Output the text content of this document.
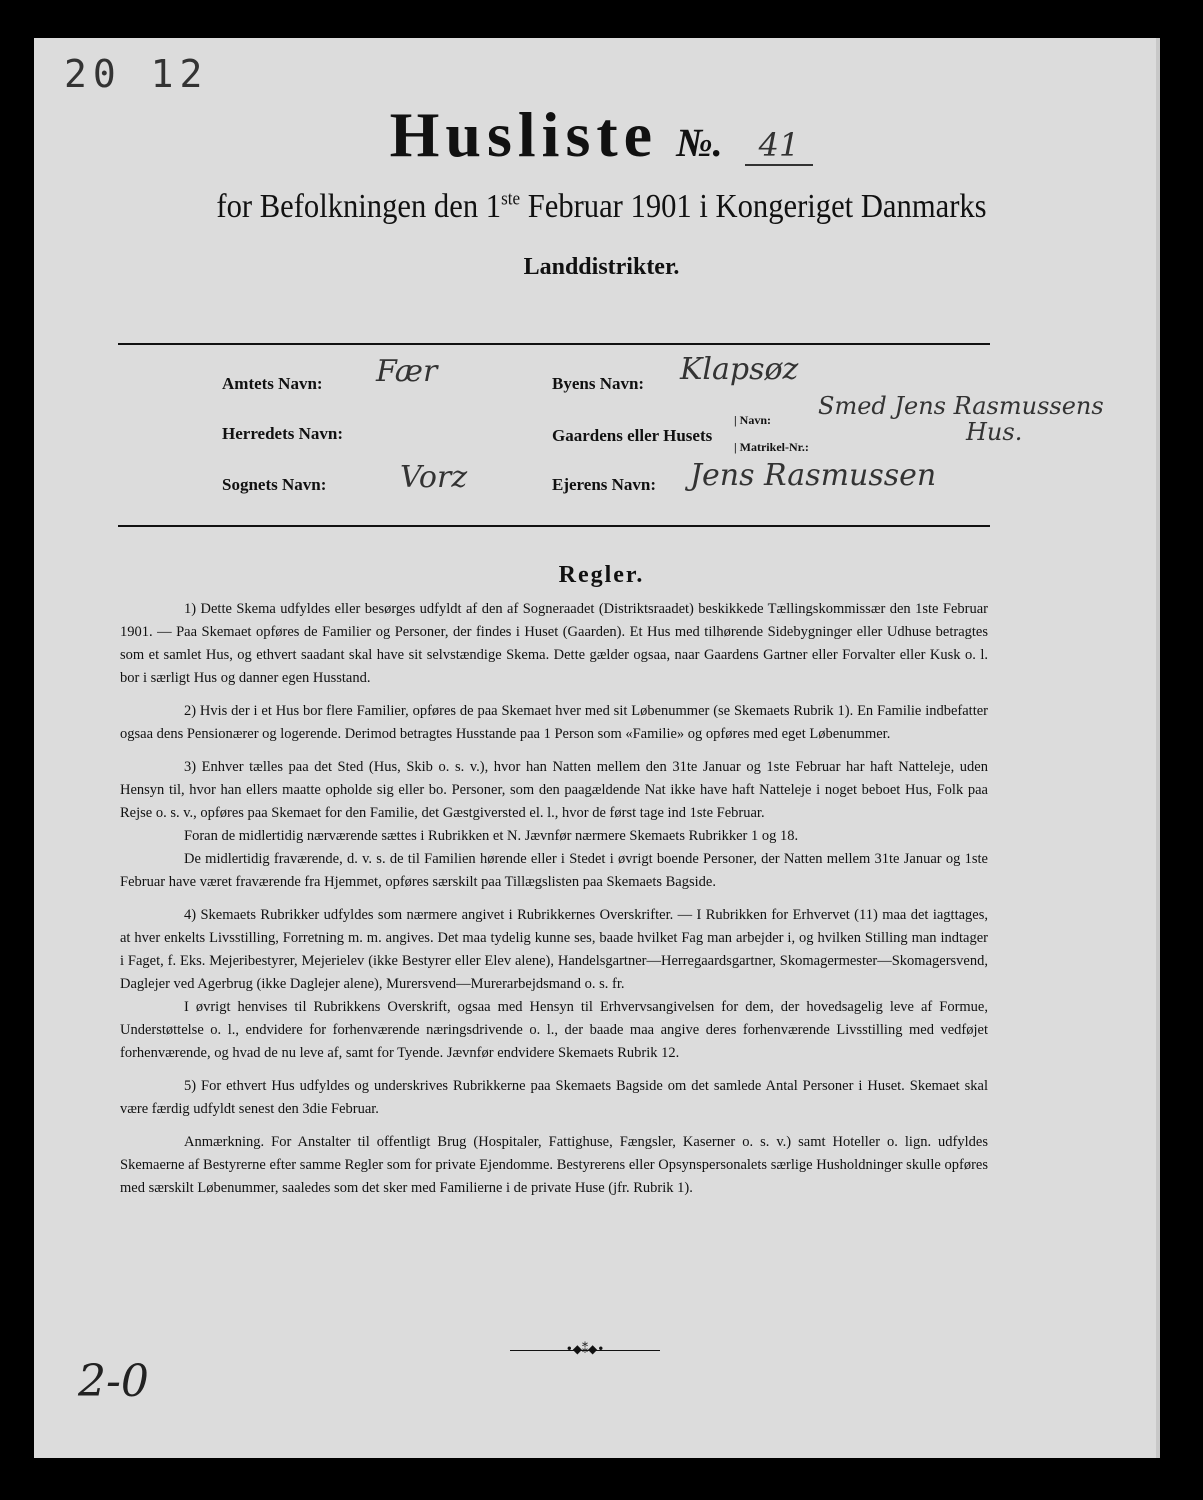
20 12
Husliste №. 41
for Befolkningen den 1ste Februar 1901 i Kongeriget Danmarks
Landdistrikter.
Amtets Navn: Fær
Herredets Navn:
Sognets Navn: Vorz
Byens Navn: Klapsøz
Gaardens eller Husets
| Navn:
| Matrikel-Nr.:
Smed Jens Rasmussens
Hus.
Ejerens Navn: Jens Rasmussen
Regler.

1) Dette Skema udfyldes eller besørges udfyldt af den af Sogneraadet (Distriktsraadet) beskikkede Tællingskommissær den 1ste Februar 1901. — Paa Skemaet opføres de Familier og Personer, der findes i Huset (Gaarden). Et Hus med tilhørende Sidebygninger eller Udhuse betragtes som et samlet Hus, og ethvert saadant skal have sit selvstændige Skema. Dette gælder ogsaa, naar Gaardens Gartner eller Forvalter eller Kusk o. l. bor i særligt Hus og danner egen Husstand.

2) Hvis der i et Hus bor flere Familier, opføres de paa Skemaet hver med sit Løbenummer (se Skemaets Rubrik 1). En Familie indbefatter ogsaa dens Pensionærer og logerende. Derimod betragtes Husstande paa 1 Person som «Familie» og opføres med eget Løbenummer.

3) Enhver tælles paa det Sted (Hus, Skib o. s. v.), hvor han Natten mellem den 31te Januar og 1ste Februar har haft Natteleje, uden Hensyn til, hvor han ellers maatte opholde sig eller bo. Personer, som den paagældende Nat ikke have haft Natteleje i noget beboet Hus, Folk paa Rejse o. s. v., opføres paa Skemaet for den Familie, det Gæstgiversted el. l., hvor de først tage ind 1ste Februar.

Foran de midlertidig nærværende sættes i Rubrikken et N. Jævnfør nærmere Skemaets Rubrikker 1 og 18.

De midlertidig fraværende, d. v. s. de til Familien hørende eller i Stedet i øvrigt boende Personer, der Natten mellem 31te Januar og 1ste Februar have været fraværende fra Hjemmet, opføres særskilt paa Tillægslisten paa Skemaets Bagside.

4) Skemaets Rubrikker udfyldes som nærmere angivet i Rubrikkernes Overskrifter. — I Rubrikken for Erhvervet (11) maa det iagttages, at hver enkelts Livsstilling, Forretning m. m. angives. Det maa tydelig kunne ses, baade hvilket Fag man arbejder i, og hvilken Stilling man indtager i Faget, f. Eks. Mejeribestyrer, Mejerielev (ikke Bestyrer eller Elev alene), Handelsgartner—Herregaardsgartner, Skomagermester—Skomagersvend, Daglejer ved Agerbrug (ikke Daglejer alene), Murersvend—Murerarbejdsmand o. s. fr.

I øvrigt henvises til Rubrikkens Overskrift, ogsaa med Hensyn til Erhvervsangivelsen for dem, der hovedsagelig leve af Formue, Understøttelse o. l., endvidere for forhenværende næringsdrivende o. l., der baade maa angive deres forhenværende Livsstilling med vedføjet forhenværende, og hvad de nu leve af, samt for Tyende. Jævnfør endvidere Skemaets Rubrik 12.

5) For ethvert Hus udfyldes og underskrives Rubrikkerne paa Skemaets Bagside om det samlede Antal Personer i Huset. Skemaet skal være færdig udfyldt senest den 3die Februar.

Anmærkning. For Anstalter til offentligt Brug (Hospitaler, Fattighuse, Fængsler, Kaserner o. s. v.) samt Hoteller o. lign. udfyldes Skemaerne af Bestyrerne efter samme Regler som for private Ejendomme. Bestyrerens eller Opsynspersonalets særlige Husholdninger skulle opføres med særskilt Løbenummer, saaledes som det sker med Familierne i de private Huse (jfr. Rubrik 1).

•◆⁑◆•
2-0
